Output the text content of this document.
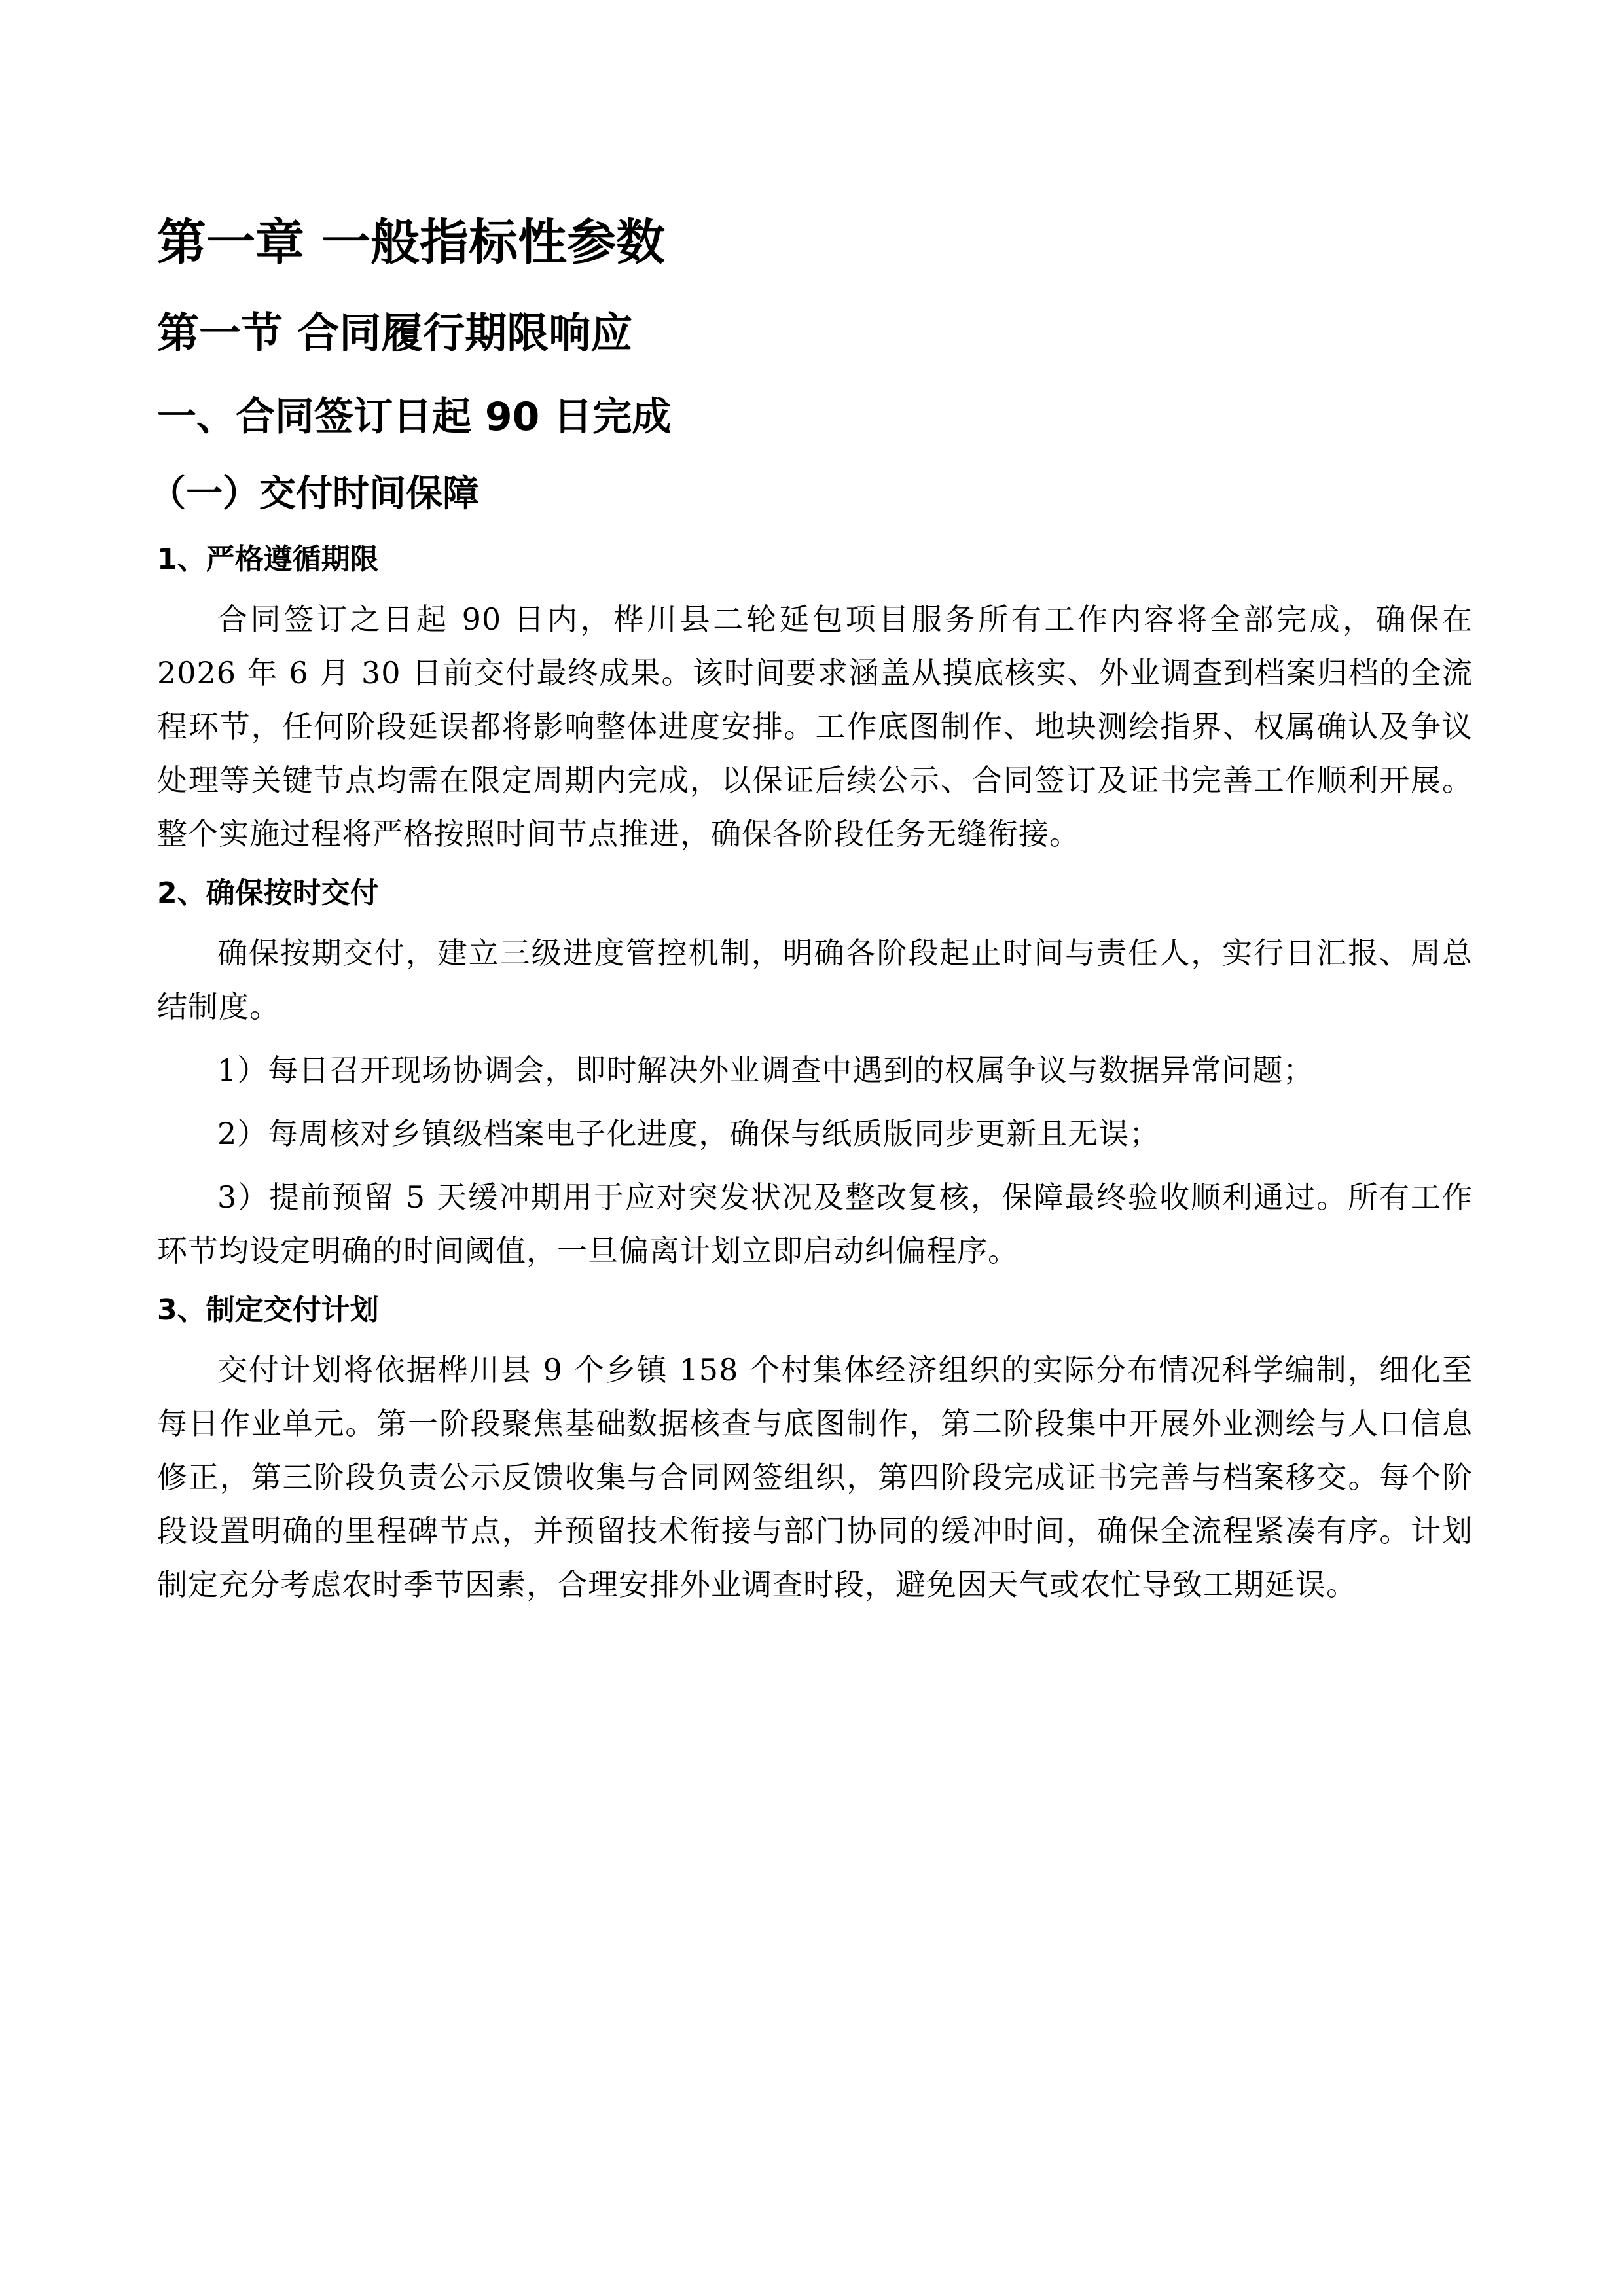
第一章 一般指标性参数
第一节 合同履行期限响应
一、合同签订日起 90 日完成
（一）交付时间保障
1、严格遵循期限
合同签订之日起 90 日内，桦川县二轮延包项目服务所有工作内容将全部完成，确保在 2026 年 6 月 30 日前交付最终成果。该时间要求涵盖从摸底核实、外业调查到档案归档的全流程环节，任何阶段延误都将影响整体进度安排。工作底图制作、地块测绘指界、权属确认及争议处理等关键节点均需在限定周期内完成，以保证后续公示、合同签订及证书完善工作顺利开展。整个实施过程将严格按照时间节点推进，确保各阶段任务无缝衔接。
2、确保按时交付
确保按期交付，建立三级进度管控机制，明确各阶段起止时间与责任人，实行日汇报、周总结制度。
1）每日召开现场协调会，即时解决外业调查中遇到的权属争议与数据异常问题；
2）每周核对乡镇级档案电子化进度，确保与纸质版同步更新且无误；
3）提前预留 5 天缓冲期用于应对突发状况及整改复核，保障最终验收顺利通过。所有工作环节均设定明确的时间阈值，一旦偏离计划立即启动纠偏程序。
3、制定交付计划
交付计划将依据桦川县 9 个乡镇 158 个村集体经济组织的实际分布情况科学编制，细化至每日作业单元。第一阶段聚焦基础数据核查与底图制作，第二阶段集中开展外业测绘与人口信息修正，第三阶段负责公示反馈收集与合同网签组织，第四阶段完成证书完善与档案移交。每个阶段设置明确的里程碑节点，并预留技术衔接与部门协同的缓冲时间，确保全流程紧凑有序。计划制定充分考虑农时季节因素，合理安排外业调查时段，避免因天气或农忙导致工期延误。
